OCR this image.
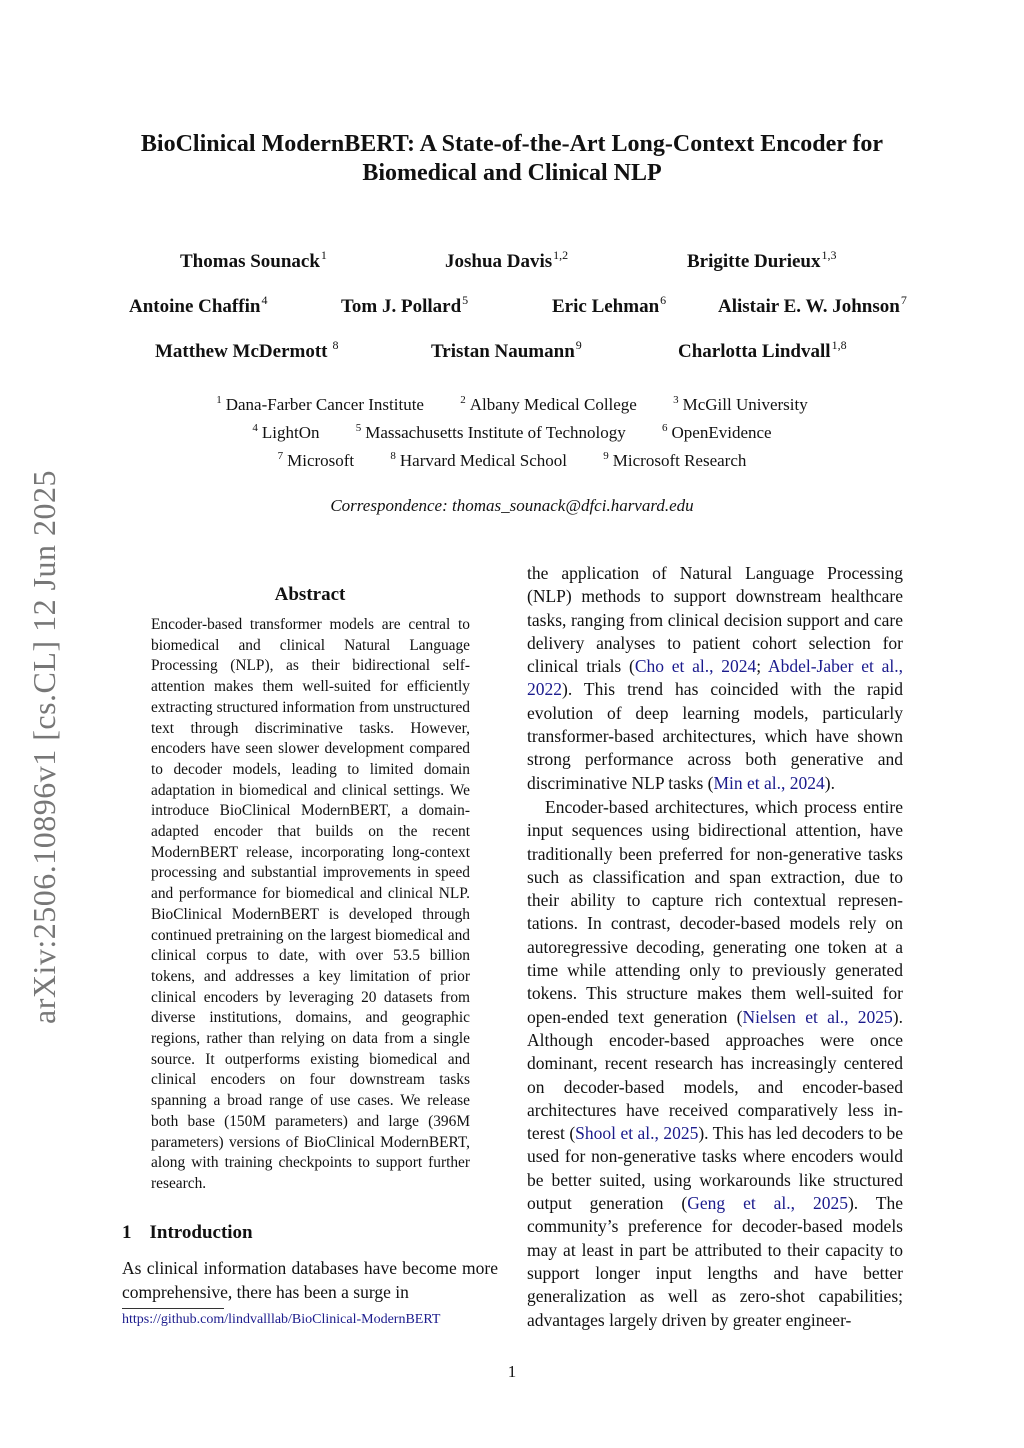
arXiv:2506.10896v1 [cs.CL] 12 Jun 2025
BioClinical ModernBERT: A State-of-the-Art Long-Context Encoder for
Biomedical and Clinical NLP
Thomas Sounack$^1$	Joshua Davis$^{1,2}$	Brigitte Durieux$^{1,3}$
Antoine Chaffin$^4$	Tom J. Pollard$^5$	Eric Lehman$^6$	Alistair E. W. Johnson$^7$
Matthew McDermott $^8$	Tristan Naumann$^9$	Charlotta Lindvall$^{1,8}$
$^1$ Dana-Farber Cancer Institute	$^2$ Albany Medical College	$^3$ McGill University
$^4$ LightOn	$^5$ Massachusetts Institute of Technology	$^6$ OpenEvidence
$^7$ Microsoft	$^8$ Harvard Medical School	$^9$ Microsoft Research
Correspondence: thomas_sounack@dfci.harvard.edu
Abstract
Encoder-based transformer models are central to biomedical and clinical Natural Language Processing (NLP), as their bidirectional self-attention makes them well-suited for efficiently extracting structured information from unstructured text through discriminative tasks. However, encoders have seen slower development compared to decoder models, leading to limited domain adaptation in biomedical and clinical settings. We introduce BioClinical ModernBERT, a domain-adapted encoder that builds on the recent ModernBERT release, incorporating long-context processing and substantial improvements in speed and performance for biomedical and clinical NLP. BioClinical ModernBERT is developed through continued pretraining on the largest biomedical and clinical corpus to date, with over 53.5 billion tokens, and addresses a key limitation of prior clinical encoders by leveraging 20 datasets from diverse institutions, domains, and geographic regions, rather than relying on data from a single source. It outperforms existing biomedical and clinical encoders on four downstream tasks spanning a broad range of use cases. We release both base (150M parameters) and large (396M parameters) versions of BioClinical ModernBERT, along with training checkpoints to support further research.
1 Introduction
As clinical information databases have become more comprehensive, there has been a surge in
https://github.com/lindvalllab/BioClinical-ModernBERT

the application of Natural Language Processing (NLP) methods to support downstream healthcare tasks, ranging from clinical decision support and care delivery analyses to patient cohort selection for clinical trials (Cho et al., 2024; Abdel-Jaber et al., 2022). This trend has coincided with the rapid evolution of deep learning models, particularly transformer-based architectures, which have shown strong performance across both generative and discriminative NLP tasks (Min et al., 2024).

Encoder-based architectures, which process entire input sequences using bidirectional attention, have traditionally been preferred for non-generative tasks such as classification and span extraction, due to their ability to capture rich contextual representations. In contrast, decoder-based models rely on autoregressive decoding, generating one token at a time while attending only to previously generated tokens. This structure makes them well-suited for open-ended text generation (Nielsen et al., 2025). Although encoder-based approaches were once dominant, recent research has increasingly centered on decoder-based models, and encoder-based architectures have received comparatively less interest (Shool et al., 2025). This has led decoders to be used for non-generative tasks where encoders would be better suited, using workarounds like structured output generation (Geng et al., 2025). The community’s preference for decoder-based models may at least in part be attributed to their capacity to support longer input lengths and have better generalization as well as zero-shot capabilities; advantages largely driven by greater engineer-

1
